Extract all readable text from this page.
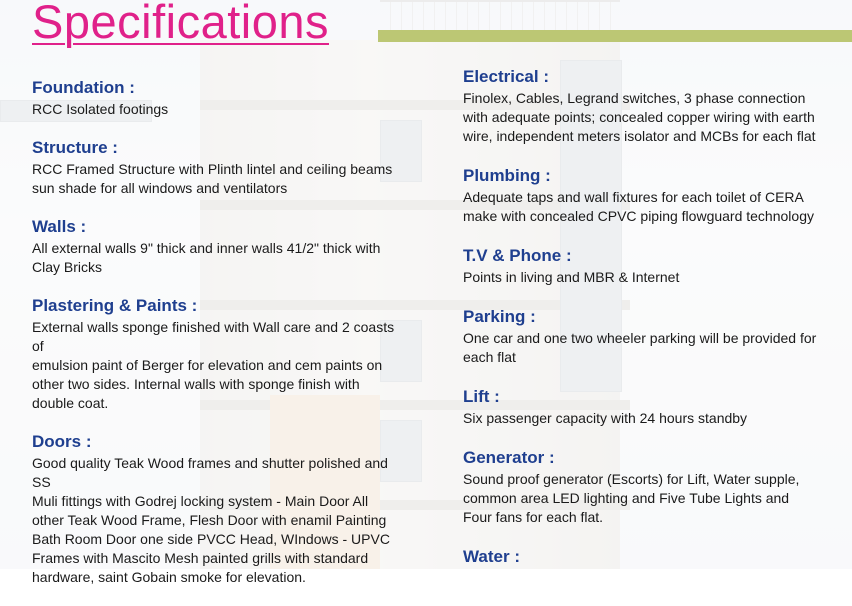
Specifications
Foundation :

RCC Isolated footings

Structure :

RCC Framed Structure with Plinth lintel and ceiling beams
sun shade for all windows and ventilators

Walls :

All external walls 9" thick and inner walls 41/2" thick with
Clay Bricks

Plastering & Paints :

External walls sponge finished with Wall care and 2 coasts
of
emulsion paint of Berger for elevation and cem paints on
other two sides. Internal walls with sponge finish with
double coat.

Doors :

Good quality Teak Wood frames and shutter polished and
SS
Muli fittings with Godrej locking system - Main Door All
other Teak Wood Frame, Flesh Door with enamil Painting
Bath Room Door one side PVCC Head, WIndows - UPVC
Frames with Mascito Mesh painted grills with standard
hardware, saint Gobain smoke for elevation.

Electrical :

Finolex, Cables, Legrand switches, 3 phase connection
with adequate points; concealed copper wiring with earth
wire, independent meters isolator and MCBs for each flat

Plumbing :

Adequate taps and wall fixtures for each toilet of CERA
make with concealed CPVC piping flowguard technology

T.V & Phone :

Points in living and MBR & Internet

Parking :

One car and one two wheeler parking will be provided for
each flat

Lift :

Six passenger capacity with 24 hours standby

Generator :

Sound proof generator (Escorts) for Lift, Water supple,
common area LED lighting and Five Tube Lights and
Four fans for each flat.

Water :
